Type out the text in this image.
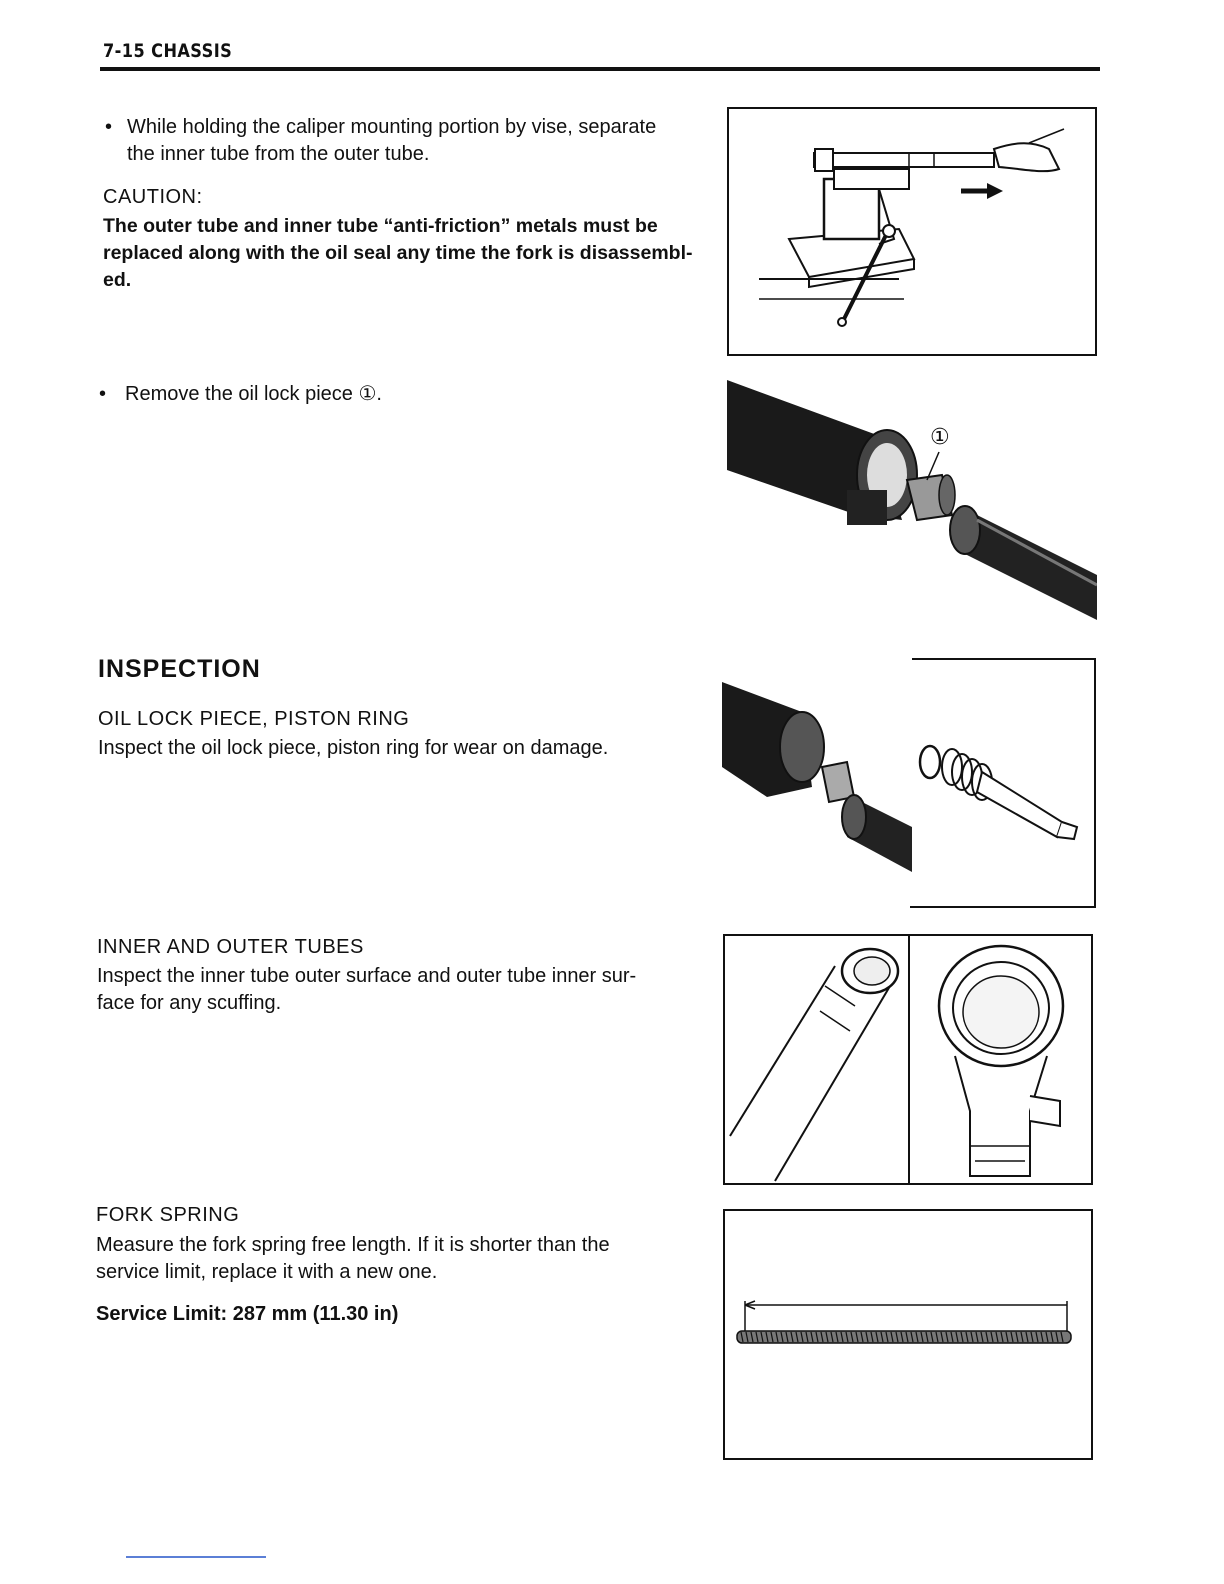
7-15 CHASSIS
• While holding the caliper mounting portion by vise, separate
the inner tube from the outer tube.
CAUTION:
The outer tube and inner tube “anti-friction” metals must be
replaced along with the oil seal any time the fork is disassembl-
ed.
• Remove the oil lock piece ①.
①
INSPECTION
OIL LOCK PIECE, PISTON RING
Inspect the oil lock piece, piston ring for wear on damage.
INNER AND OUTER TUBES
Inspect the inner tube outer surface and outer tube inner sur-
face for any scuffing.
FORK SPRING
Measure the fork spring free length. If it is shorter than the
service limit, replace it with a new one.
Service Limit: 287 mm (11.30 in)
